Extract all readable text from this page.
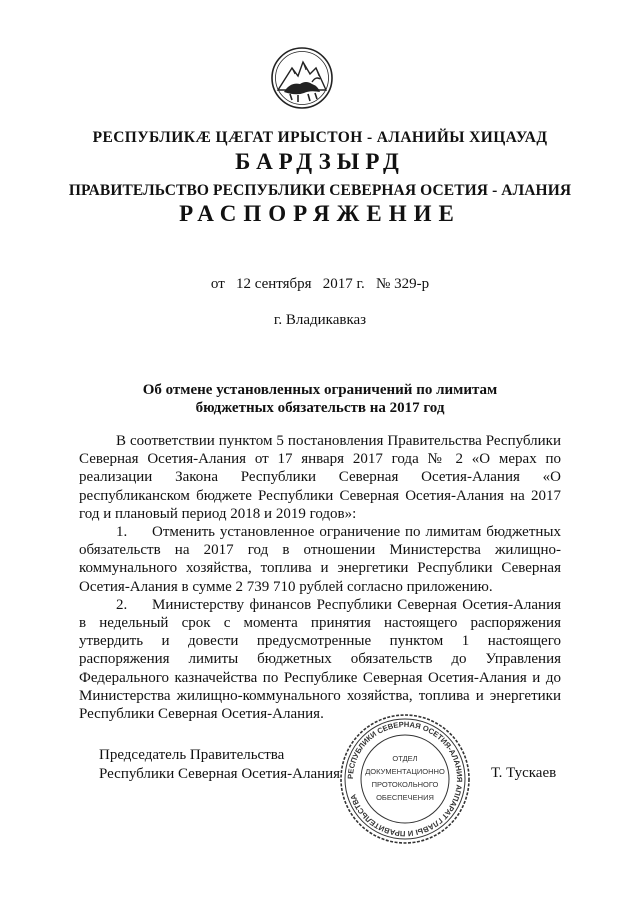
РЕСПУБЛИКӔ ЦӔГАТ ИРЫСТОН - АЛАНИЙЫ ХИЦАУАД
БАРДЗЫРД
ПРАВИТЕЛЬСТВО РЕСПУБЛИКИ СЕВЕРНАЯ ОСЕТИЯ - АЛАНИЯ
РАСПОРЯЖЕНИЕ
от   12 сентября   2017 г.   № 329-р
г. Владикавказ
Об отмене установленных ограничений по лимитам
бюджетных обязательств на 2017 год

В соответствии пунктом 5 постановления Правительства Республики Северная Осетия-Алания от 17 января 2017 года № 2 «О мерах по реализации Закона Республики Северная Осетия-Алания «О республиканском бюджете Республики Северная Осетия-Алания на 2017 год и плановый период 2018 и 2019 годов»:

1. Отменить установленное ограничение по лимитам бюджетных обязательств на 2017 год в отношении Министерства жилищно-коммунального хозяйства, топлива и энергетики Республики Северная Осетия-Алания в сумме 2 739 710 рублей согласно приложению.

2. Министерству финансов Республики Северная Осетия-Алания в недельный срок с момента принятия настоящего распоряжения утвердить и довести предусмотренные пунктом 1 настоящего распоряжения лимиты бюджетных обязательств до Управления Федерального казначейства по Республике Северная Осетия-Алания и до Министерства жилищно-коммунального хозяйства, топлива и энергетики Республики Северная Осетия-Алания.

Председатель Правительства
Республики Северная Осетия-Алания	Т. Тускаев
РЕСПУБЛИКИ СЕВЕРНАЯ ОСЕТИЯ-АЛАНИЯ АППАРАТ ГЛАВЫ И ПРАВИТЕЛЬСТВА
ОТДЕЛ
ДОКУМЕНТАЦИОННО
ПРОТОКОЛЬНОГО
ОБЕСПЕЧЕНИЯ
